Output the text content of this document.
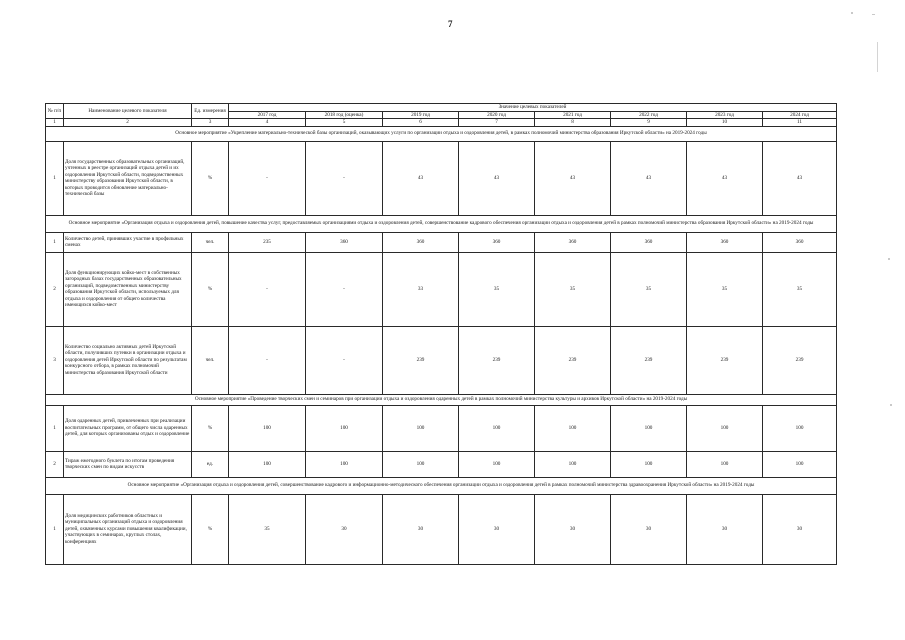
7
№ п/п	Наименование целевого показателя	Ед. измерения	Значение целевых показателей							
			2017 год	2018 год (оценка)	2019 год	2020 год	2021 год	2022 год	2023 год	2024 год
1	2	3	4	5	6	7	8	9	10	11
Основное мероприятие «Укрепление материально-технической базы организаций, оказывающих услуги по организации отдыха и оздоровления детей, в рамках полномочий министерства образования Иркутской области» на 2019-2024 годы										
1	Доля государственных образовательных организаций, учтенных в реестре организаций отдыха детей и их оздоровления Иркутской области, подведомственных министерству образования Иркутской области, в которых проводится обновление материально-технической базы	%	-	-	43	43	43	43	43	43
Основное мероприятие «Организация отдыха и оздоровления детей, повышение качества услуг, предоставляемых организациями отдыха и оздоровления детей, совершенствование кадрового обеспечения организации отдыха и оздоровления детей в рамках полномочий министерства образования Иркутской области» на 2019-2024 годы										
1	Количество детей, принявших участие в профильных сменах	чел.	235	360	360	360	360	360	360	360
2	Доля функционирующих койко-мест в собственных загородных базах государственных образовательных организаций, подведомственных министерству образования Иркутской области, используемых для отдыха и оздоровления от общего количества имеющихся койко-мест	%	-	-	33	35	35	35	35	35
3	Количество социально активных детей Иркутской области, получивших путевки в организации отдыха и оздоровления детей Иркутской области по результатам конкурсного отбора, в рамках полномочий министерства образования Иркутской области	чел.	-	-	239	239	239	239	239	239
Основное мероприятие «Проведение творческих смен и семинаров при организации отдыха и оздоровления одаренных детей в рамках полномочий министерства культуры и архивов Иркутской области» на 2019-2024 годы										
1	Доля одаренных детей, привлеченных при реализации воспитательных программ, от общего числа одаренных детей, для которых организованы отдых и оздоровление	%	100	100	100	100	100	100	100	100
2	Тираж ежегодного буклета по итогам проведения творческих смен по видам искусств	ед.	100	100	100	100	100	100	100	100
Основное мероприятие «Организация отдыха и оздоровления детей, совершенствование кадрового и информационно-методического обеспечения организации отдыха и оздоровления детей в рамках полномочий министерства здравоохранения Иркутской области» на 2019-2024 годы										
1	Доля медицинских работников областных и муниципальных организаций отдыха и оздоровления детей, охваченных курсами повышения квалификации, участвующих в семинарах, круглых столах, конференциях	%	35	30	30	30	30	30	30	30
